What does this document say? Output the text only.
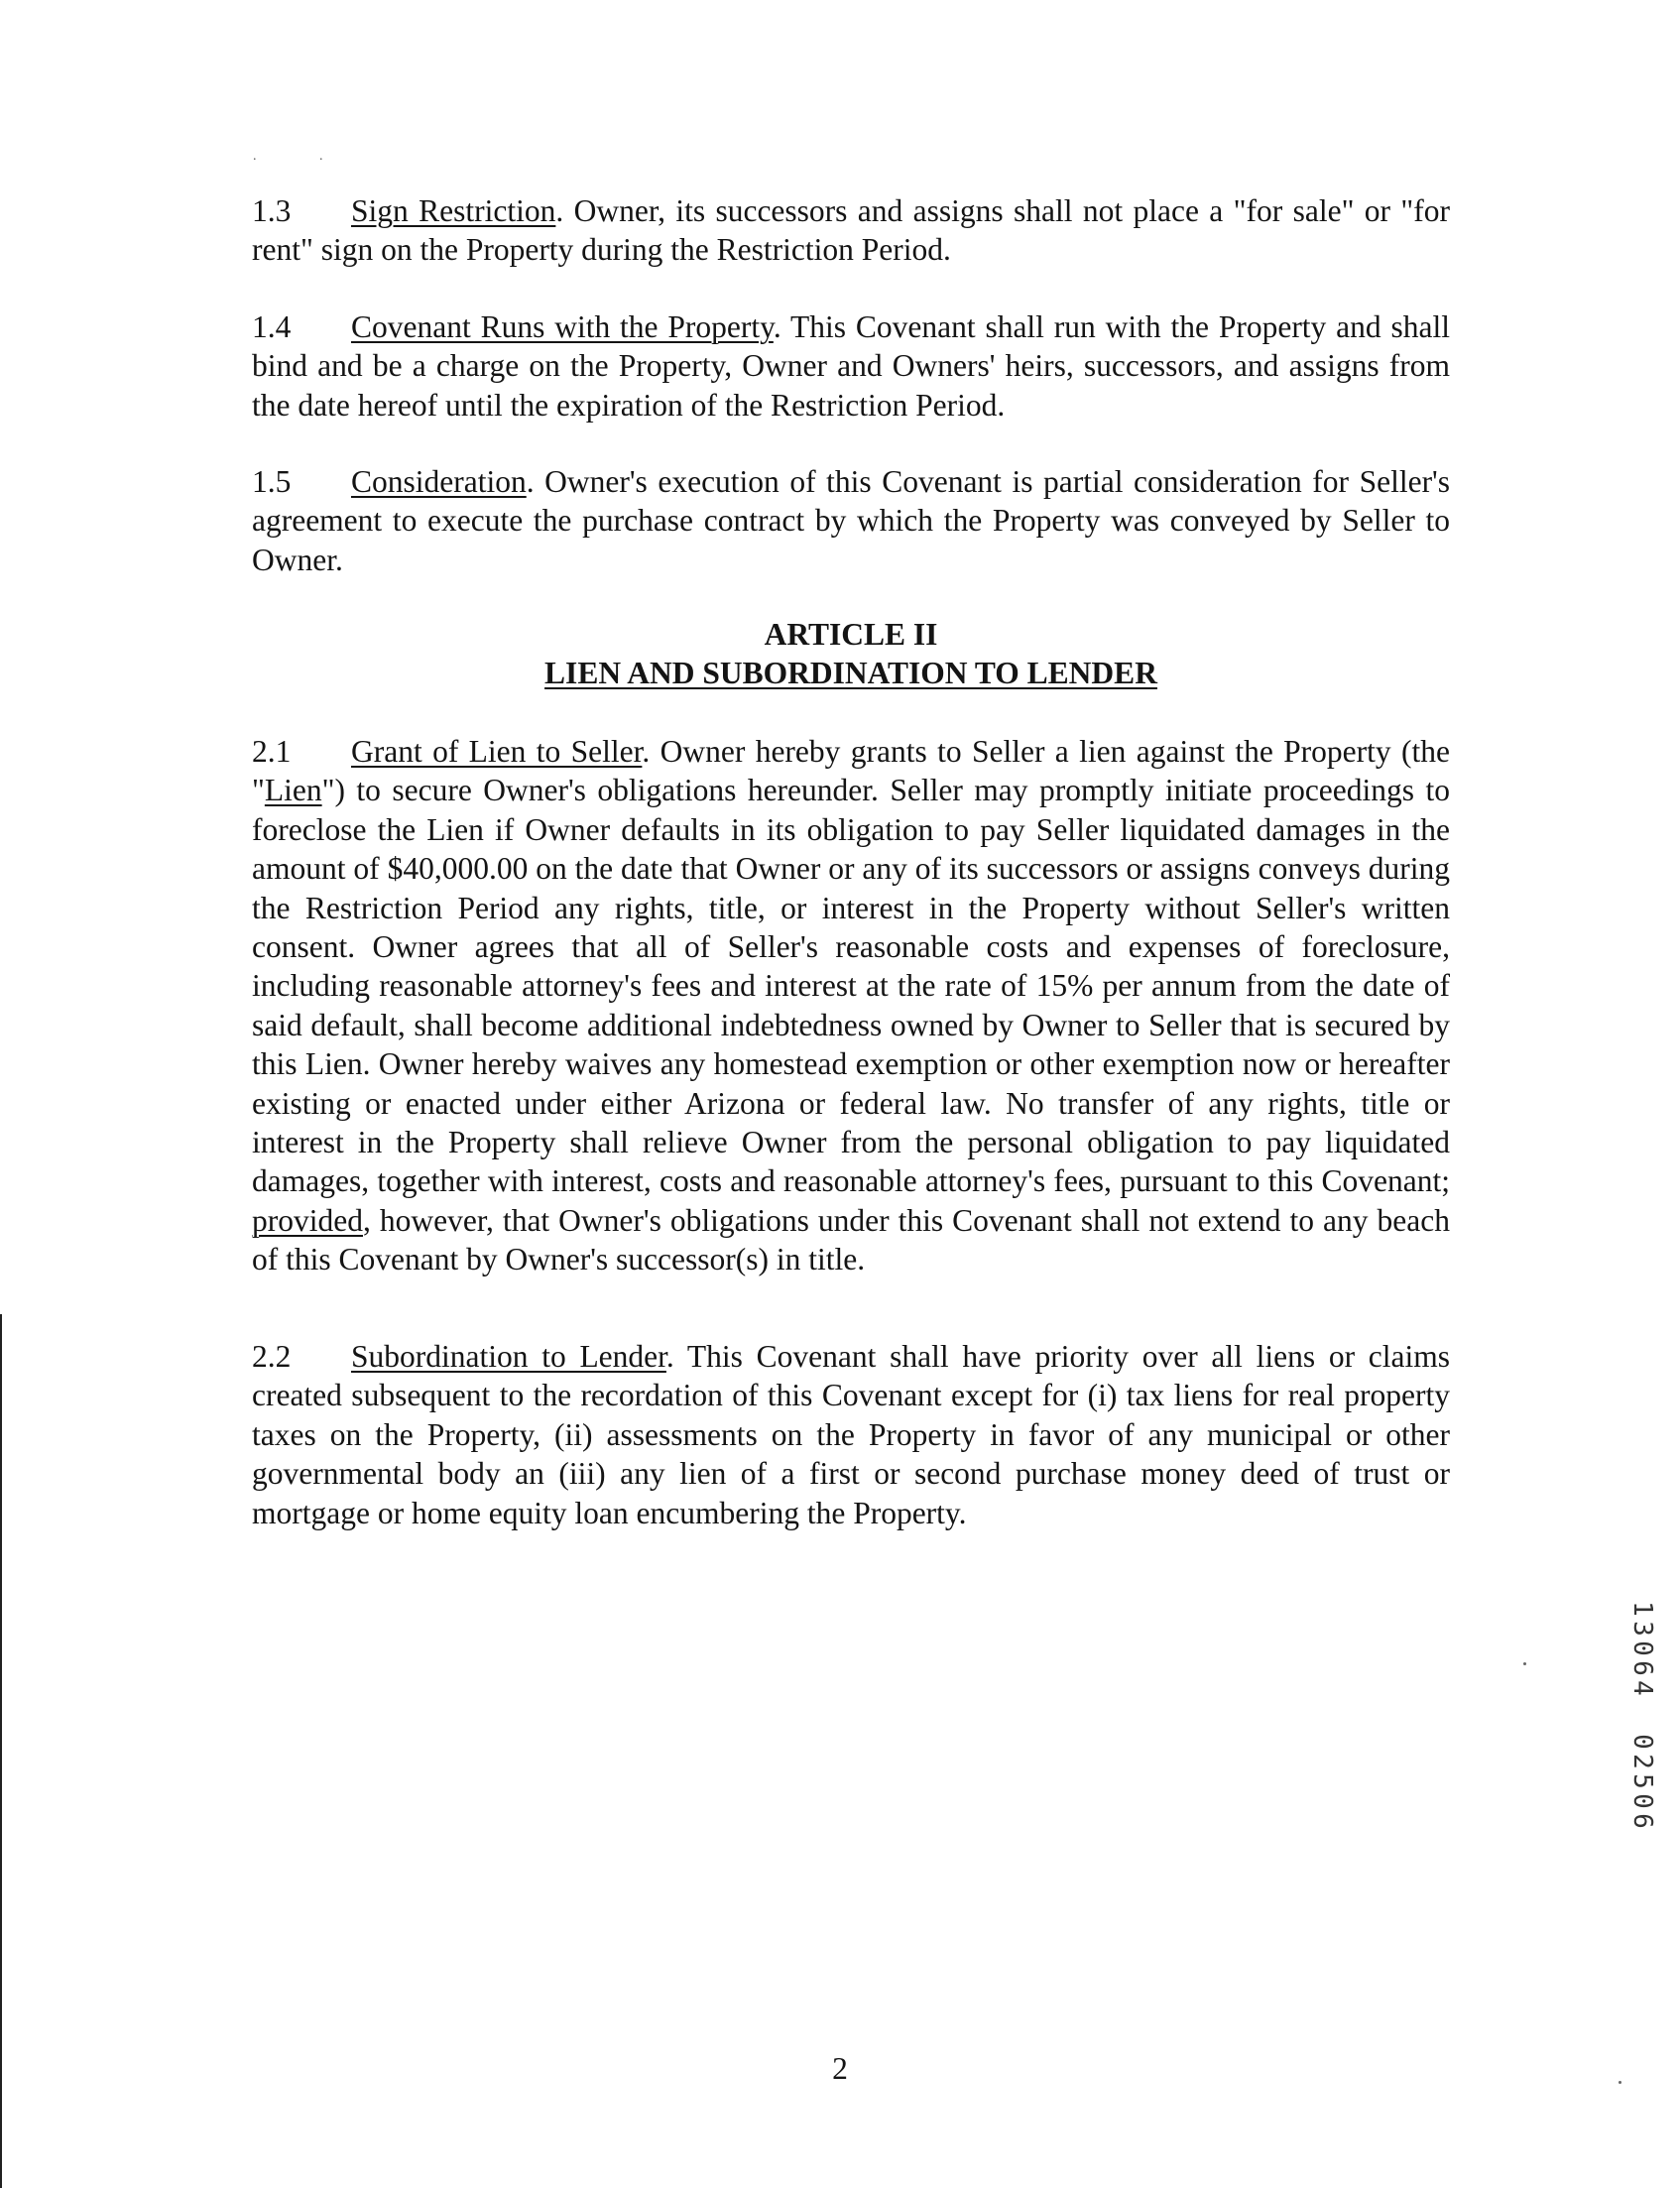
. .

1.3 Sign Restriction. Owner, its successors and assigns shall not place a "for sale" or "for rent" sign on the Property during the Restriction Period.

1.4 Covenant Runs with the Property. This Covenant shall run with the Property and shall bind and be a charge on the Property, Owner and Owners' heirs, successors, and assigns from the date hereof until the expiration of the Restriction Period.

1.5 Consideration. Owner's execution of this Covenant is partial consideration for Seller's agreement to execute the purchase contract by which the Property was conveyed by Seller to Owner.

ARTICLE II
LIEN AND SUBORDINATION TO LENDER

2.1 Grant of Lien to Seller. Owner hereby grants to Seller a lien against the Property (the "Lien") to secure Owner's obligations hereunder. Seller may promptly initiate proceedings to foreclose the Lien if Owner defaults in its obligation to pay Seller liquidated damages in the amount of $40,000.00 on the date that Owner or any of its successors or assigns conveys during the Restriction Period any rights, title, or interest in the Property without Seller's written consent. Owner agrees that all of Seller's reasonable costs and expenses of foreclosure, including reasonable attorney's fees and interest at the rate of 15% per annum from the date of said default, shall become additional indebtedness owned by Owner to Seller that is secured by this Lien. Owner hereby waives any homestead exemption or other exemption now or hereafter existing or enacted under either Arizona or federal law. No transfer of any rights, title or interest in the Property shall relieve Owner from the personal obligation to pay liquidated damages, together with interest, costs and reasonable attorney's fees, pursuant to this Covenant; provided, however, that Owner's obligations under this Covenant shall not extend to any beach of this Covenant by Owner's successor(s) in title.

2.2 Subordination to Lender. This Covenant shall have priority over all liens or claims created subsequent to the recordation of this Covenant except for (i) tax liens for real property taxes on the Property, (ii) assessments on the Property in favor of any municipal or other governmental body an (iii) any lien of a first or second purchase money deed of trust or mortgage or home equity loan encumbering the Property.

1
3
0
6
4
0
2
5
0
6
2
